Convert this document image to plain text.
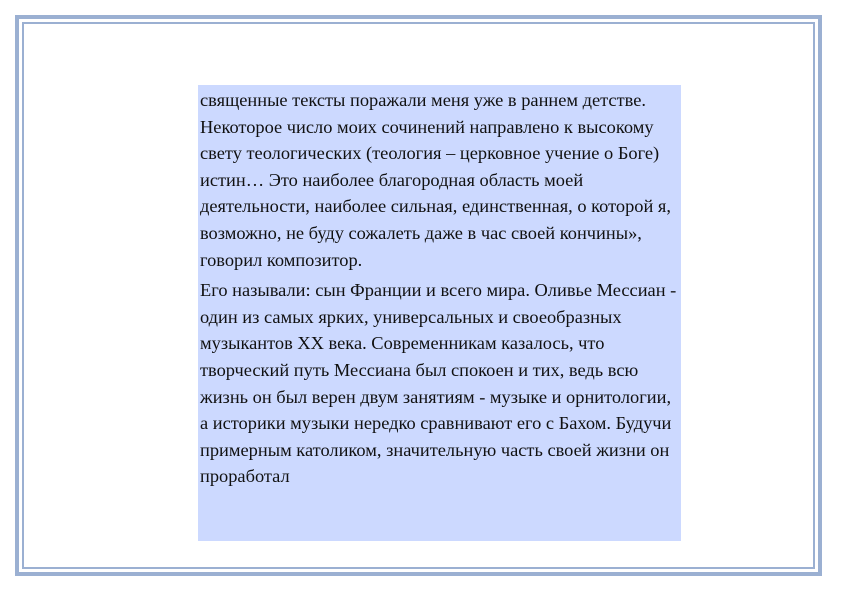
священные тексты поражали меня уже в раннем детстве. Некоторое число моих сочинений направлено к высокому свету теологических (теология – церковное учение о Боге) истин… Это наиболее благородная область моей деятельности, наиболее сильная, единственная, о которой я, возможно, не буду сожалеть даже в час своей кончины», говорил композитор.

Его называли: сын Франции и всего мира. Оливье Мессиан - один из самых ярких, универсальных и своеобразных музыкантов XX века. Современникам казалось, что творческий путь Мессиана был спокоен и тих, ведь всю жизнь он был верен двум занятиям - музыке и орнитологии, а историки музыки нередко сравнивают его с Бахом. Будучи примерным католиком, значительную часть своей жизни он проработал
